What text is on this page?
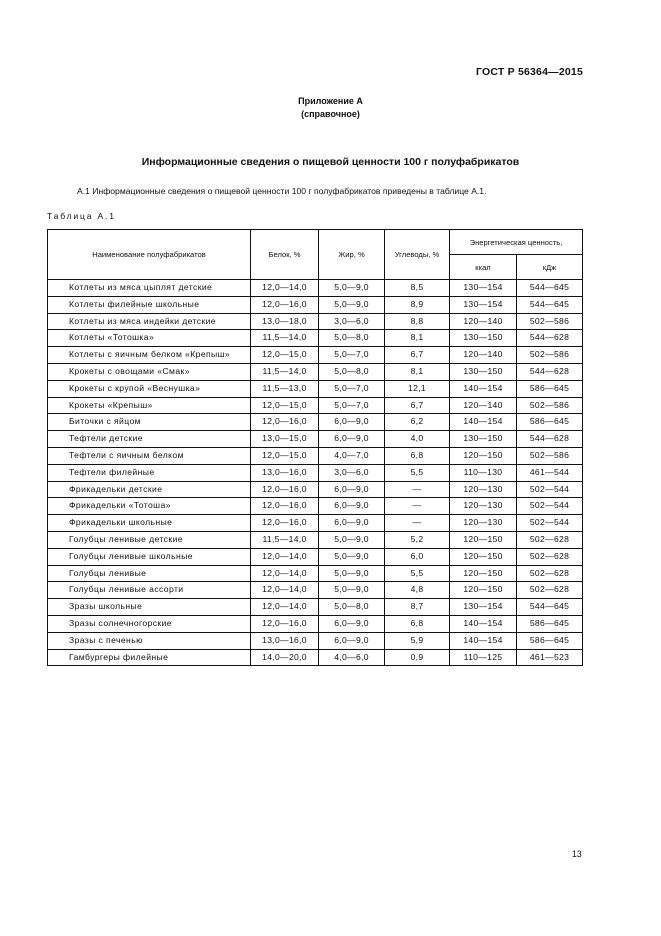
ГОСТ Р 56364—2015
Приложение А
(справочное)
Информационные сведения о пищевой ценности 100 г полуфабрикатов
А.1 Информационные сведения о пищевой ценности 100 г полуфабрикатов приведены в таблице А.1.
Таблица А.1
Наименование полуфабрикатов	Белок, %	Жир, %	Углеводы, %	Энергетическая ценность,	
				ккал	кДж
Котлеты из мяса цыплят детские	12,0—14,0	5,0—9,0	8,5	130—154	544—645
Котлеты филейные школьные	12,0—16,0	5,0—9,0	8,9	130—154	544—645
Котлеты из мяса индейки детские	13,0—18,0	3,0—6,0	8,8	120—140	502—586
Котлеты «Тотошка»	11,5—14,0	5,0—8,0	8,1	130—150	544—628
Котлеты с яичным белком «Крепыш»	12,0—15,0	5,0—7,0	6,7	120—140	502—586
Крокеты с овощами «Смак»	11,5—14,0	5,0—8,0	8,1	130—150	544—628
Крокеты с крупой «Веснушка»	11,5—13,0	5,0—7,0	12,1	140—154	586—645
Крокеты «Крепыш»	12,0—15,0	5,0—7,0	6,7	120—140	502—586
Биточки с яйцом	12,0—16,0	6,0—9,0	6,2	140—154	586—645
Тефтели детские	13,0—15,0	6,0—9,0	4,0	130—150	544—628
Тефтели с яичным белком	12,0—15,0	4,0—7,0	6,8	120—150	502—586
Тефтели филейные	13,0—16,0	3,0—6,0	5,5	110—130	461—544
Фрикадельки детские	12,0—16,0	6,0—9,0	—	120—130	502—544
Фрикадельки «Тотоша»	12,0—16,0	6,0—9,0	—	120—130	502—544
Фрикадельки школьные	12,0—16,0	6,0—9,0	—	120—130	502—544
Голубцы ленивые детские	11,5—14,0	5,0—9,0	5,2	120—150	502—628
Голубцы ленивые школьные	12,0—14,0	5,0—9,0	6,0	120—150	502—628
Голубцы ленивые	12,0—14,0	5,0—9,0	5,5	120—150	502—628
Голубцы ленивые ассорти	12,0—14,0	5,0—9,0	4,8	120—150	502—628
Зразы школьные	12,0—14,0	5,0—8,0	8,7	130—154	544—645
Зразы солнечногорские	12,0—16,0	6,0—9,0	6,8	140—154	586—645
Зразы с печенью	13,0—16,0	6,0—9,0	5,9	140—154	586—645
Гамбургеры филейные	14,0—20,0	4,0—6,0	0,9	110—125	461—523
13
